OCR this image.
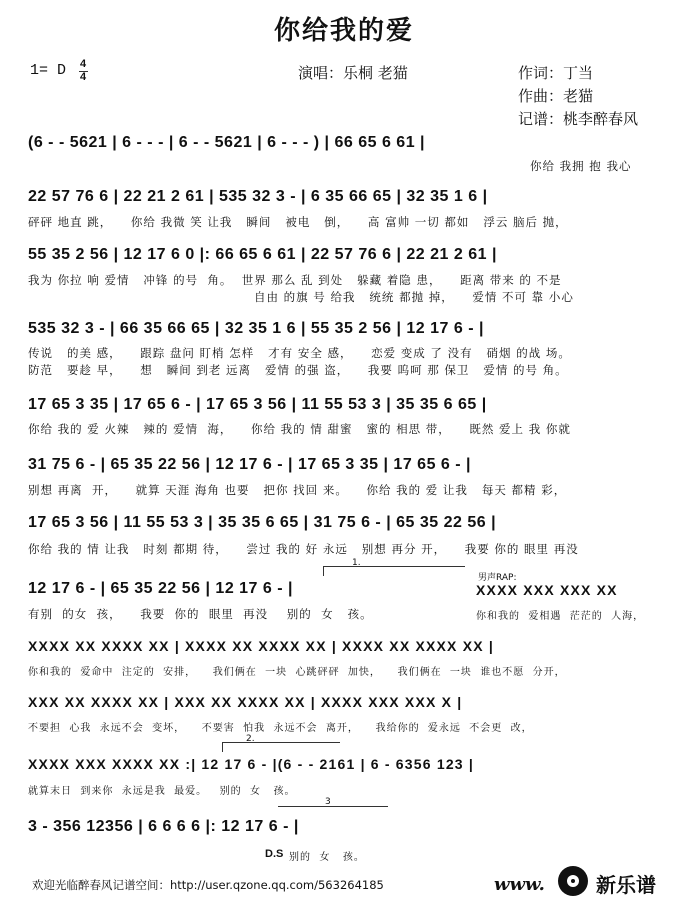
你给我的爱
1= D 4
4	演唱：乐桐 老猫	作词：丁当
作曲：老猫
记谱：桃李醉春风
(6 - - 5621 | 6 - - - | 6 - - 5621 | 6 - - - ) | 66 65 6 61 |
你给 我拥 抱 我心
22 57 76 6 | 22 21 2 61 | 535 32 3 - | 6 35 66 65 | 32 35 1 6 |
砰砰 地直 跳，    你给 我微 笑 让我   瞬间   被电   倒，    高 富帅 一切 都如   浮云 脑后 抛，
55 35 2 56 | 12 17 6 0 |: 66 65 6 61 | 22 57 76 6 | 22 21 2 61 |
我为 你拉 响 爱情   冲锋 的号  角。  世界 那么 乱 到处   躲藏 着隐 患，    距离 带来 的 不是
自由 的旗 号 给我   统统 都抛 掉，    爱情 不可 靠 小心
535 32 3 - | 66 35 66 65 | 32 35 1 6 | 55 35 2 56 | 12 17 6 - |
传说   的美 感，    跟踪 盘问 盯梢 怎样   才有 安全 感，    恋爱 变成 了 没有   硝烟 的战 场。
防范   要趁 早，    想   瞬间 到老 远离   爱情 的强 盗，    我要 呜呵 那 保卫   爱情 的号 角。
17 65 3 35 | 17 65 6 - | 17 65 3 56 | 11 55 53 3 | 35 35 6 65 |
你给 我的 爱 火辣   辣的 爱情  海，    你给 我的 情 甜蜜   蜜的 相思 带，    既然 爱上 我 你就
31 75 6 - | 65 35 22 56 | 12 17 6 - | 17 65 3 35 | 17 65 6 - |
别想 再离  开，    就算 天涯 海角 也要   把你 找回 来。    你给 我的 爱 让我   每天 都精 彩，
17 65 3 56 | 11 55 53 3 | 35 35 6 65 | 31 75 6 - | 65 35 22 56 |
你给 我的 情 让我   时刻 都期 待，    尝过 我的 好 永远   别想 再分 开，    我要 你的 眼里 再没
1.
12 17 6 - | 65 35 22 56 | 12 17 6 - |
有别  的女  孩，    我要  你的  眼里  再没    别的  女   孩。
男声RAP:
XXXX XXX XXX XX
你和我的  爱相遇  茫茫的  人海，
XXXX XX XXXX XX | XXXX XX XXXX XX | XXXX XX XXXX XX |
你和我的  爱命中  注定的  安排，    我们俩在  一块  心跳砰砰  加快，    我们俩在  一块  谁也不愿  分开，
XXX XX XXXX XX | XXX XX XXXX XX | XXXX XXX XXX X |
不要担  心我  永远不会  变坏，    不要害  怕我  永远不会  离开，    我给你的  爱永远  不会更  改，
2.
XXXX XXX XXXX XX :| 12 17 6 - |(6 - - 2161 | 6 - 6356 123 |
就算末日  到来你  永远是我  最爱。   别的  女   孩。
3
3 - 356 12356 | 6 6 6 6 |: 12 17 6 - |
D.S 别的  女   孩。
欢迎光临醉春风记谱空间：http://user.qzone.qq.com/563264185	www.	新乐谱
